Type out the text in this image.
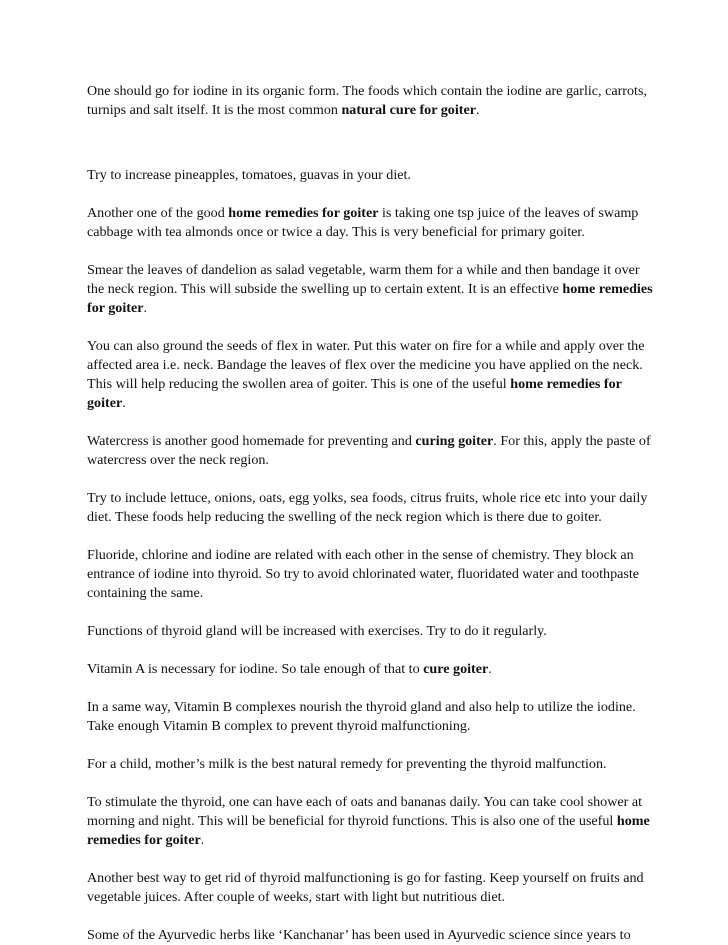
One should go for iodine in its organic form. The foods which contain the iodine are garlic, carrots, turnips and salt itself. It is the most common natural cure for goiter.

Try to increase pineapples, tomatoes, guavas in your diet.

Another one of the good home remedies for goiter is taking one tsp juice of the leaves of swamp cabbage with tea almonds once or twice a day. This is very beneficial for primary goiter.

Smear the leaves of dandelion as salad vegetable, warm them for a while and then bandage it over the neck region. This will subside the swelling up to certain extent. It is an effective home remedies for goiter.

You can also ground the seeds of flex in water. Put this water on fire for a while and apply over the affected area i.e. neck. Bandage the leaves of flex over the medicine you have applied on the neck. This will help reducing the swollen area of goiter. This is one of the useful home remedies for goiter.

Watercress is another good homemade for preventing and curing goiter. For this, apply the paste of watercress over the neck region.

Try to include lettuce, onions, oats, egg yolks, sea foods, citrus fruits, whole rice etc into your daily diet. These foods help reducing the swelling of the neck region which is there due to goiter.

Fluoride, chlorine and iodine are related with each other in the sense of chemistry. They block an entrance of iodine into thyroid. So try to avoid chlorinated water, fluoridated water and toothpaste containing the same.

Functions of thyroid gland will be increased with exercises. Try to do it regularly.

Vitamin A is necessary for iodine. So tale enough of that to cure goiter.

In a same way, Vitamin B complexes nourish the thyroid gland and also help to utilize the iodine. Take enough Vitamin B complex to prevent thyroid malfunctioning.

For a child, mother’s milk is the best natural remedy for preventing the thyroid malfunction.

To stimulate the thyroid, one can have each of oats and bananas daily. You can take cool shower at morning and night. This will be beneficial for thyroid functions. This is also one of the useful home remedies for goiter.

Another best way to get rid of thyroid malfunctioning is go for fasting. Keep yourself on fruits and vegetable juices. After couple of weeks, start with light but nutritious diet.

Some of the Ayurvedic herbs like ‘Kanchanar’ has been used in Ayurvedic science since years to
